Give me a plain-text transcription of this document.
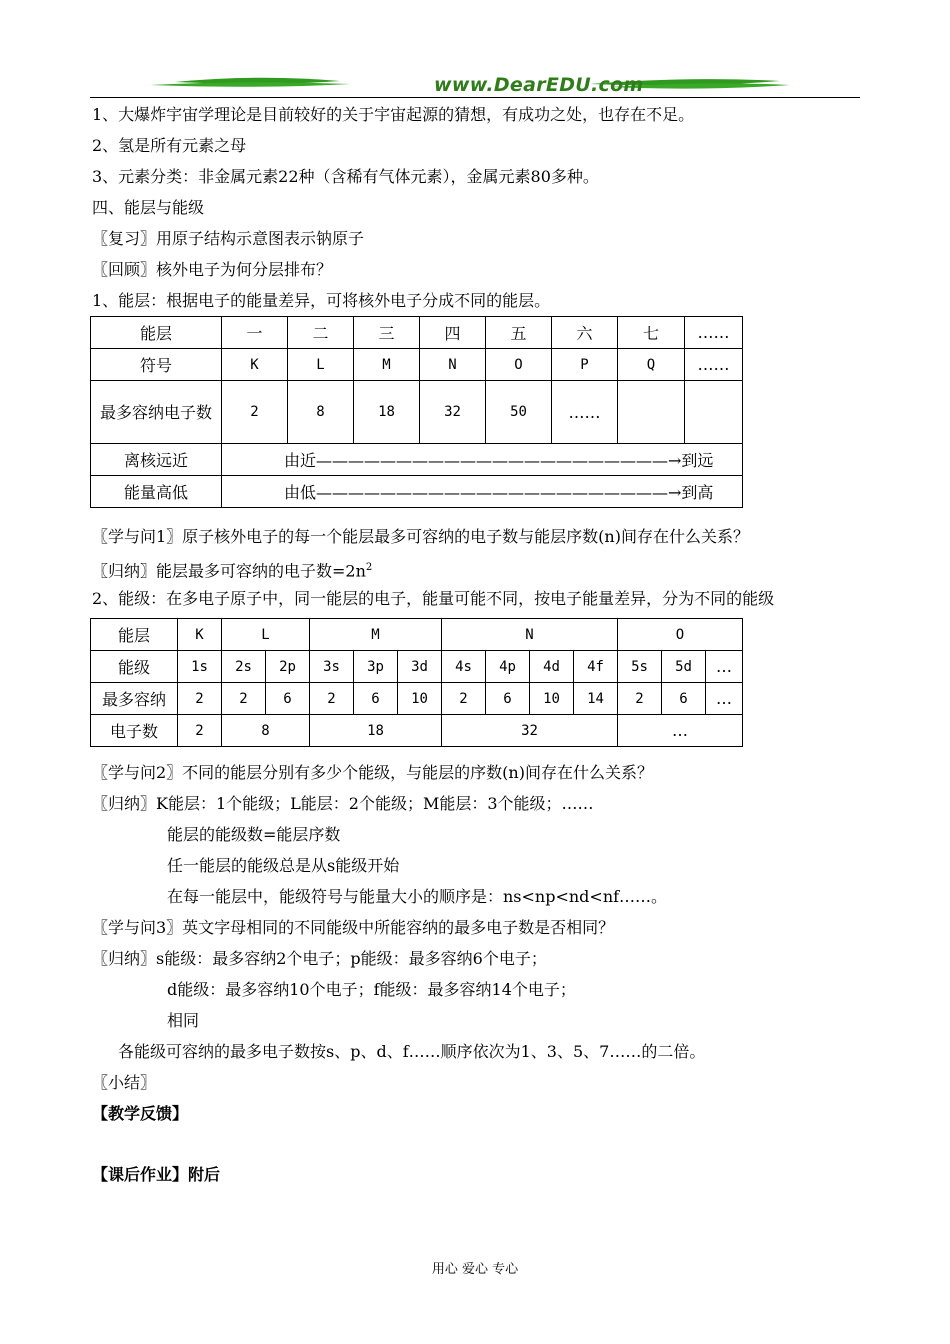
www.DearEDU.com
1、大爆炸宇宙学理论是目前较好的关于宇宙起源的猜想，有成功之处，也存在不足。
2、氢是所有元素之母
3、元素分类：非金属元素22种（含稀有气体元素），金属元素80多种。
四、能层与能级
〖复习〗用原子结构示意图表示钠原子
〖回顾〗核外电子为何分层排布？
1、能层：根据电子的能量差异，可将核外电子分成不同的能层。
能层	一	二	三	四	五	六	七	……
符号	K	L	M	N	O	P	Q	……
最多容纳电子数	2	8	18	32	50	……		
离核远近	由近——————————————————————→到远							
能量高低	由低——————————————————————→到高							
〖学与问1〗原子核外电子的每一个能层最多可容纳的电子数与能层序数(n)间存在什么关系？
〖归纳〗能层最多可容纳的电子数$=2n^2$
2、能级：在多电子原子中，同一能层的电子，能量可能不同，按电子能量差异，分为不同的能级
能层	K	L		M			N				O		
能级	1s	2s	2p	3s	3p	3d	4s	4p	4d	4f	5s	5d	…
最多容纳	2	2	6	2	6	10	2	6	10	14	2	6	…
电子数	2	8		18			32				…		
〖学与问2〗不同的能层分别有多少个能级，与能层的序数(n)间存在什么关系？
〖归纳〗K能层：1个能级；L能层：2个能级；M能层：3个能级；……
能层的能级数=能层序数
任一能层的能级总是从s能级开始
在每一能层中，能级符号与能量大小的顺序是：ns<np<nd<nf……。
〖学与问3〗英文字母相同的不同能级中所能容纳的最多电子数是否相同？
〖归纳〗s能级：最多容纳2个电子；p能级：最多容纳6个电子；
d能级：最多容纳10个电子；f能级：最多容纳14个电子；
相同
各能级可容纳的最多电子数按s、p、d、f……顺序依次为1、3、5、7……的二倍。
〖小结〗
【教学反馈】
【课后作业】附后
用心 爱心 专心
